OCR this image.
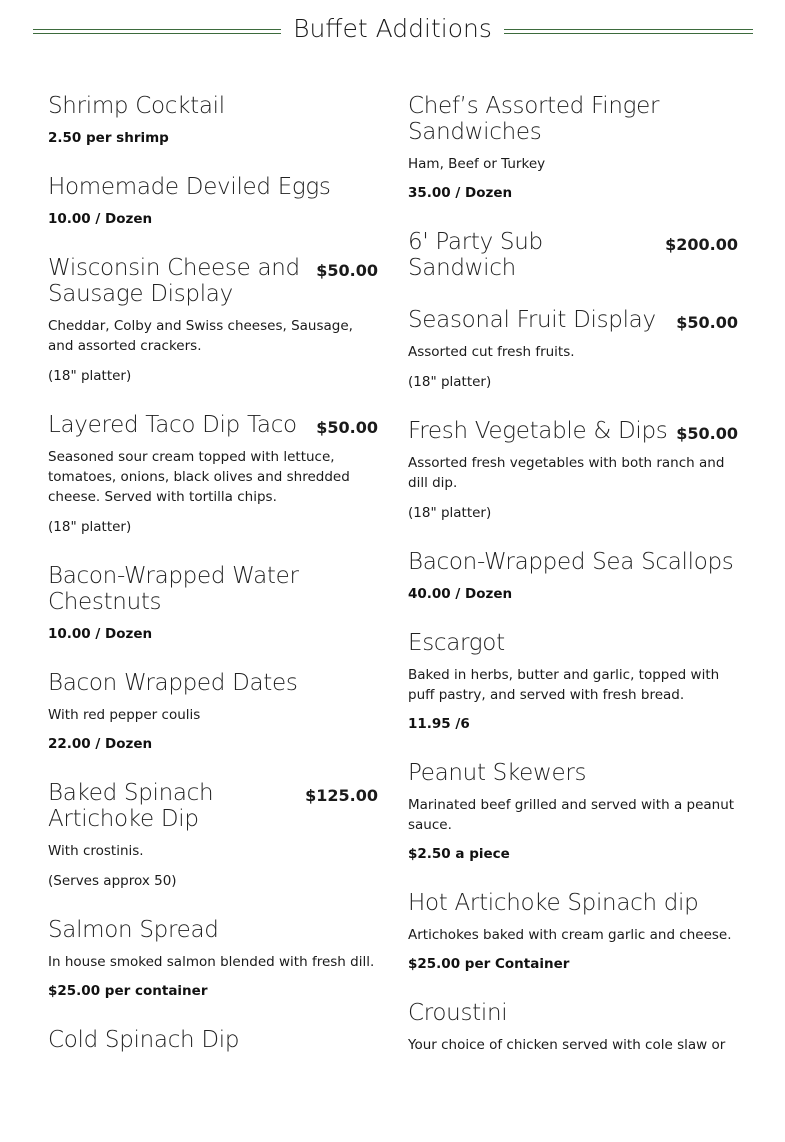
Buffet Additions
Shrimp Cocktail
2.50 per shrimp
Homemade Deviled Eggs
10.00 / Dozen
Wisconsin Cheese and Sausage Display
$50.00
Cheddar, Colby and Swiss cheeses, Sausage, and assorted crackers.
(18" platter)
Layered Taco Dip Taco $50.00
Seasoned sour cream topped with lettuce, tomatoes, onions, black olives and shredded cheese. Served with tortilla chips.
(18" platter)
Bacon-Wrapped Water Chestnuts
10.00 / Dozen
Bacon Wrapped Dates
With red pepper coulis
22.00 / Dozen
Baked Spinach Artichoke Dip
$125.00
With crostinis.
(Serves approx 50)
Salmon Spread
In house smoked salmon blended with fresh dill.
$25.00 per container
Cold Spinach Dip
Chef’s Assorted Finger Sandwiches
Ham, Beef or Turkey
35.00 / Dozen
6' Party Sub Sandwich
$200.00
Seasonal Fruit Display $50.00
Assorted cut fresh fruits.
(18" platter)
Fresh Vegetable & Dips $50.00
Assorted fresh vegetables with both ranch and dill dip.
(18" platter)
Bacon-Wrapped Sea Scallops
40.00 / Dozen
Escargot
Baked in herbs, butter and garlic, topped with puff pastry, and served with fresh bread.
11.95 /6
Peanut Skewers
Marinated beef grilled and served with a peanut sauce.
$2.50 a piece
Hot Artichoke Spinach dip
Artichokes baked with cream garlic and cheese.
$25.00 per Container
Croustini
Your choice of chicken served with cole slaw or
